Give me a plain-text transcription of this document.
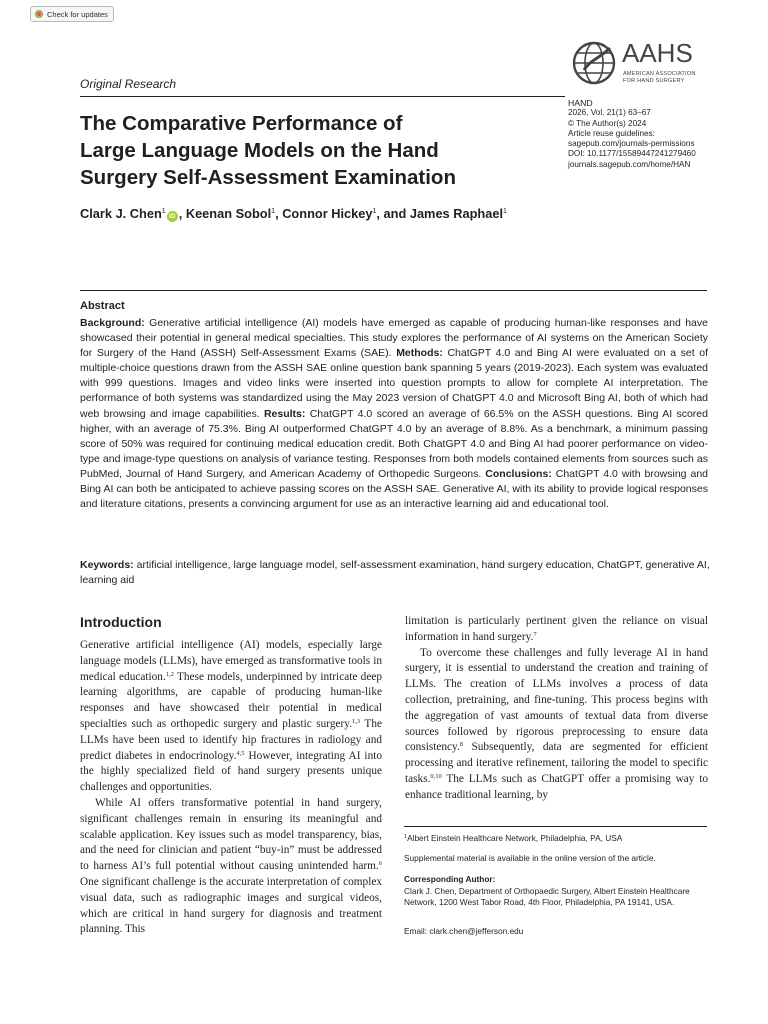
Check for updates
AAHS
AMERICAN ASSOCIATION
FOR HAND SURGERY
Original Research
The Comparative Performance of
Large Language Models on the Hand
Surgery Self-Assessment Examination
HAND
2026, Vol. 21(1) 63–67
© The Author(s) 2024
Article reuse guidelines:
sagepub.com/journals-permissions
DOI: 10.1177/15589447241279460
journals.sagepub.com/home/HAN
Clark J. Chen$^1$iD , Keenan Sobol$^1$, Connor Hickey$^1$, and James Raphael$^1$
Abstract
Background: Generative artificial intelligence (AI) models have emerged as capable of producing human-like responses and have showcased their potential in general medical specialties. This study explores the performance of AI systems on the American Society for Surgery of the Hand (ASSH) Self-Assessment Exams (SAE). Methods: ChatGPT 4.0 and Bing AI were evaluated on a set of multiple-choice questions drawn from the ASSH SAE online question bank spanning 5 years (2019-2023). Each system was evaluated with 999 questions. Images and video links were inserted into question prompts to allow for complete AI interpretation. The performance of both systems was standardized using the May 2023 version of ChatGPT 4.0 and Microsoft Bing AI, both of which had web browsing and image capabilities. Results: ChatGPT 4.0 scored an average of 66.5% on the ASSH questions. Bing AI scored higher, with an average of 75.3%. Bing AI outperformed ChatGPT 4.0 by an average of 8.8%. As a benchmark, a minimum passing score of 50% was required for continuing medical education credit. Both ChatGPT 4.0 and Bing AI had poorer performance on video-type and image-type questions on analysis of variance testing. Responses from both models contained elements from sources such as PubMed, Journal of Hand Surgery, and American Academy of Orthopedic Surgeons. Conclusions: ChatGPT 4.0 with browsing and Bing AI can both be anticipated to achieve passing scores on the ASSH SAE. Generative AI, with its ability to provide logical responses and literature citations, presents a convincing argument for use as an interactive learning aid and educational tool.
Keywords: artificial intelligence, large language model, self-assessment examination, hand surgery education, ChatGPT, generative AI, learning aid
Introduction

Generative artificial intelligence (AI) models, especially large language models (LLMs), have emerged as transformative tools in medical education.$^{1,2}$ These models, underpinned by intricate deep learning algorithms, are capable of producing human-like responses and have showcased their potential in medical specialties such as orthopedic surgery and plastic surgery.$^{1,3}$ The LLMs have been used to identify hip fractures in radiology and predict diabetes in endocrinology.$^{4,5}$ However, integrating AI into the highly specialized field of hand surgery presents unique challenges and opportunities.

While AI offers transformative potential in hand surgery, significant challenges remain in ensuring its meaningful and scalable application. Key issues such as model transparency, bias, and the need for clinician and patient “buy-in” must be addressed to harness AI’s full potential without causing unintended harm.$^6$ One significant challenge is the accurate interpretation of complex visual data, such as radiographic images and surgical videos, which are critical in hand surgery for diagnosis and treatment planning. This

limitation is particularly pertinent given the reliance on visual information in hand surgery.$^7$

To overcome these challenges and fully leverage AI in hand surgery, it is essential to understand the creation and training of LLMs. The creation of LLMs involves a process of data collection, pretraining, and fine-tuning. This process begins with the aggregation of vast amounts of textual data from diverse sources followed by rigorous preprocessing to ensure data consistency.$^8$ Subsequently, data are segmented for efficient processing and iterative refinement, tailoring the model to specific tasks.$^{9,10}$ The LLMs such as ChatGPT offer a promising way to enhance traditional learning, by

$^1$Albert Einstein Healthcare Network, Philadelphia, PA, USA
Supplemental material is available in the online version of the article.
Corresponding Author:
Clark J. Chen, Department of Orthopaedic Surgery, Albert Einstein Healthcare Network, 1200 West Tabor Road, 4th Floor, Philadelphia, PA 19141, USA.
Email: clark.chen@jefferson.edu
